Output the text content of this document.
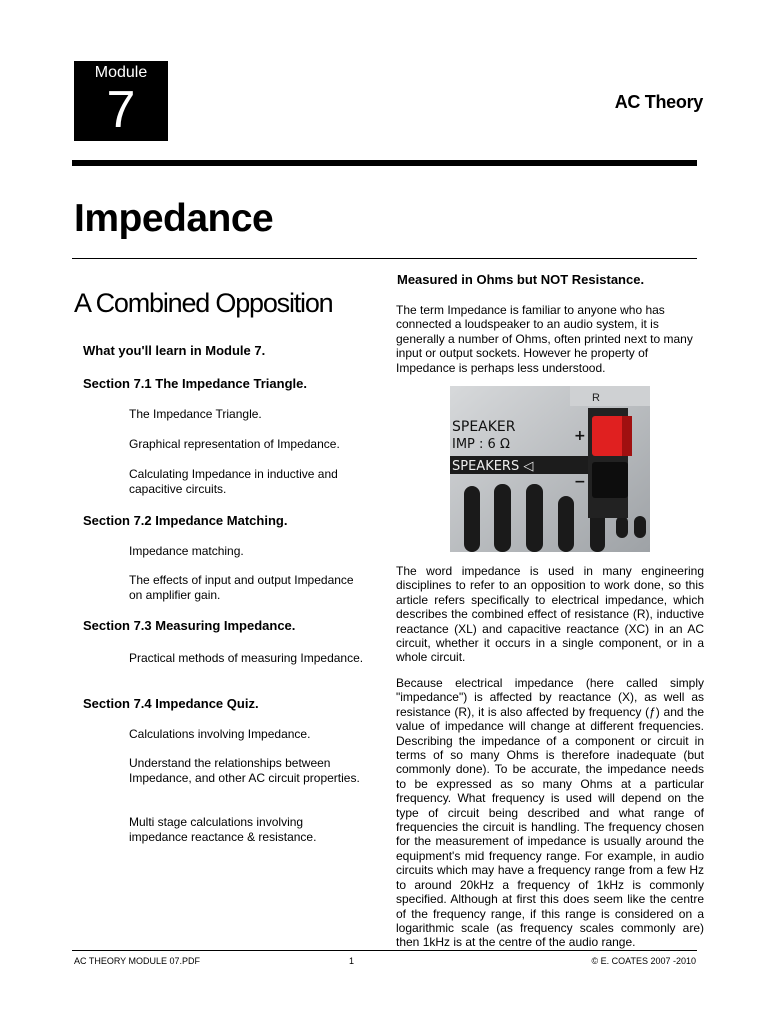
Module
7	AC Theory
Impedance
A Combined Opposition
What you'll learn in Module 7.
Section 7.1 The Impedance Triangle.
The Impedance Triangle.
Graphical representation of Impedance.
Calculating Impedance in inductive and capacitive circuits.
Section 7.2 Impedance Matching.
Impedance matching.
The effects of input and output Impedance on amplifier gain.
Section 7.3 Measuring Impedance.
Practical methods of measuring Impedance.
Section 7.4 Impedance Quiz.
Calculations involving Impedance.
Understand the relationships between Impedance, and other AC circuit properties.
Multi stage calculations involving impedance reactance & resistance.
Measured in Ohms but NOT Resistance.
The term Impedance is familiar to anyone who has connected a loudspeaker to an audio system, it is generally a number of Ohms, often printed next to many input or output sockets. However he property of Impedance is perhaps less understood.
R
SPEAKER
IMP : 6 Ω
SPEAKERS ◁
+
−
The word impedance is used in many engineering disciplines to refer to an opposition to work done, so this article refers specifically to electrical impedance, which describes the combined effect of resistance (R), inductive reactance (XL) and capacitive reactance (XC) in an AC circuit, whether it occurs in a single component, or in a whole circuit.
Because electrical impedance (here called simply "impedance") is affected by reactance (X), as well as resistance (R), it is also affected by frequency (ƒ) and the value of impedance will change at different frequencies. Describing the impedance of a component or circuit in terms of so many Ohms is therefore inadequate (but commonly done). To be accurate, the impedance needs to be expressed as so many Ohms at a particular frequency. What frequency is used will depend on the type of circuit being described and what range of frequencies the circuit is handling. The frequency chosen for the measurement of impedance is usually around the equipment's mid frequency range. For example, in audio circuits which may have a frequency range from a few Hz to around 20kHz a frequency of 1kHz is commonly specified. Although at first this does seem like the centre of the frequency range, if this range is considered on a logarithmic scale (as frequency scales commonly are) then 1kHz is at the centre of the audio range.
AC THEORY MODULE 07.PDF	1	© E. COATES 2007 -2010
